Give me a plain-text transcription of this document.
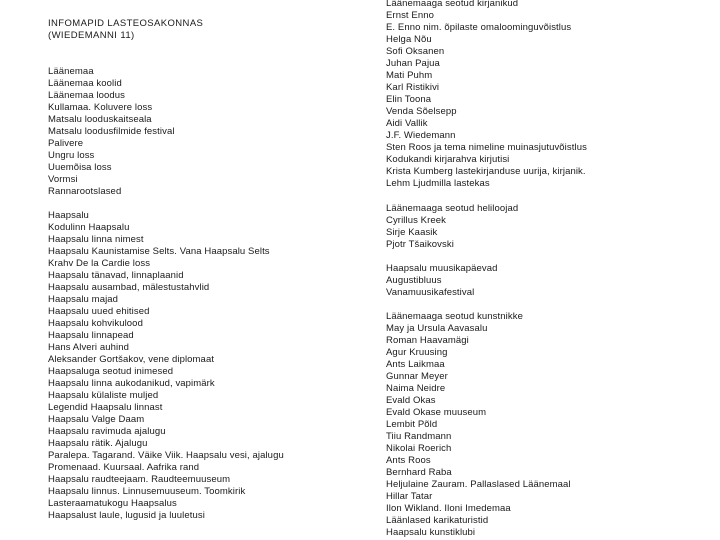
INFOMAPID LASTEOSAKONNAS
(WIEDEMANNI 11)
Läänemaa
Läänemaa koolid
Läänemaa loodus
Kullamaa. Koluvere loss
Matsalu looduskaitseala
Matsalu loodusfilmide festival
Palivere
Ungru loss
Uuemõisa loss
Vormsi
Rannarootslased
Haapsalu
Kodulinn Haapsalu
Haapsalu linna nimest
Haapsalu Kaunistamise Selts. Vana Haapsalu Selts
Krahv De la Cardie loss
Haapsalu tänavad, linnaplaanid
Haapsalu ausambad, mälestustahvlid
Haapsalu majad
Haapsalu uued ehitised
Haapsalu kohvikulood
Haapsalu linnapead
Hans Alveri auhind
Aleksander Gortšakov, vene diplomaat
Haapsaluga seotud inimesed
Haapsalu linna aukodanikud, vapimärk
Haapsalu külaliste muljed
Legendid Haapsalu linnast
Haapsalu Valge Daam
Haapsalu ravimuda ajalugu
Haapsalu rätik. Ajalugu
Paralepa. Tagarand. Väike Viik. Haapsalu vesi, ajalugu
Promenaad. Kuursaal. Aafrika rand
Haapsalu raudteejaam. Raudteemuuseum
Haapsalu linnus. Linnusemuuseum. Toomkirik
Lasteraamatukogu Haapsalus
Haapsalust laule, lugusid ja luuletusi
Läänemaaga seotud kirjanikud
Ernst Enno
E. Enno nim. õpilaste omaloominguvõistlus
Helga Nõu
Sofi Oksanen
Juhan Pajua
Mati Puhm
Karl Ristikivi
Elin Toona
Venda Sõelsepp
Aidi Vallik
J.F. Wiedemann
Sten Roos ja tema nimeline muinasjutuvõistlus
Kodukandi kirjarahva kirjutisi
Krista Kumberg lastekirjanduse uurija, kirjanik.
Lehm Ljudmilla lastekas
Läänemaaga seotud heliloojad
Cyrillus Kreek
Sirje Kaasik
Pjotr Tšaikovski
Haapsalu muusikapäevad
Augustibluus
Vanamuusikafestival
Läänemaaga seotud kunstnikke
May ja Ursula Aavasalu
Roman Haavamägi
Agur Kruusing
Ants Laikmaa
Gunnar Meyer
Naima Neidre
Evald Okas
Evald Okase muuseum
Lembit Põld
Tiiu Randmann
Nikolai Roerich
Ants Roos
Bernhard Raba
Heljulaine Zauram. Pallaslased Läänemaal
Hillar Tatar
Ilon Wikland. Iloni Imedemaa
Läänlased karikaturistid
Haapsalu kunstiklubi
